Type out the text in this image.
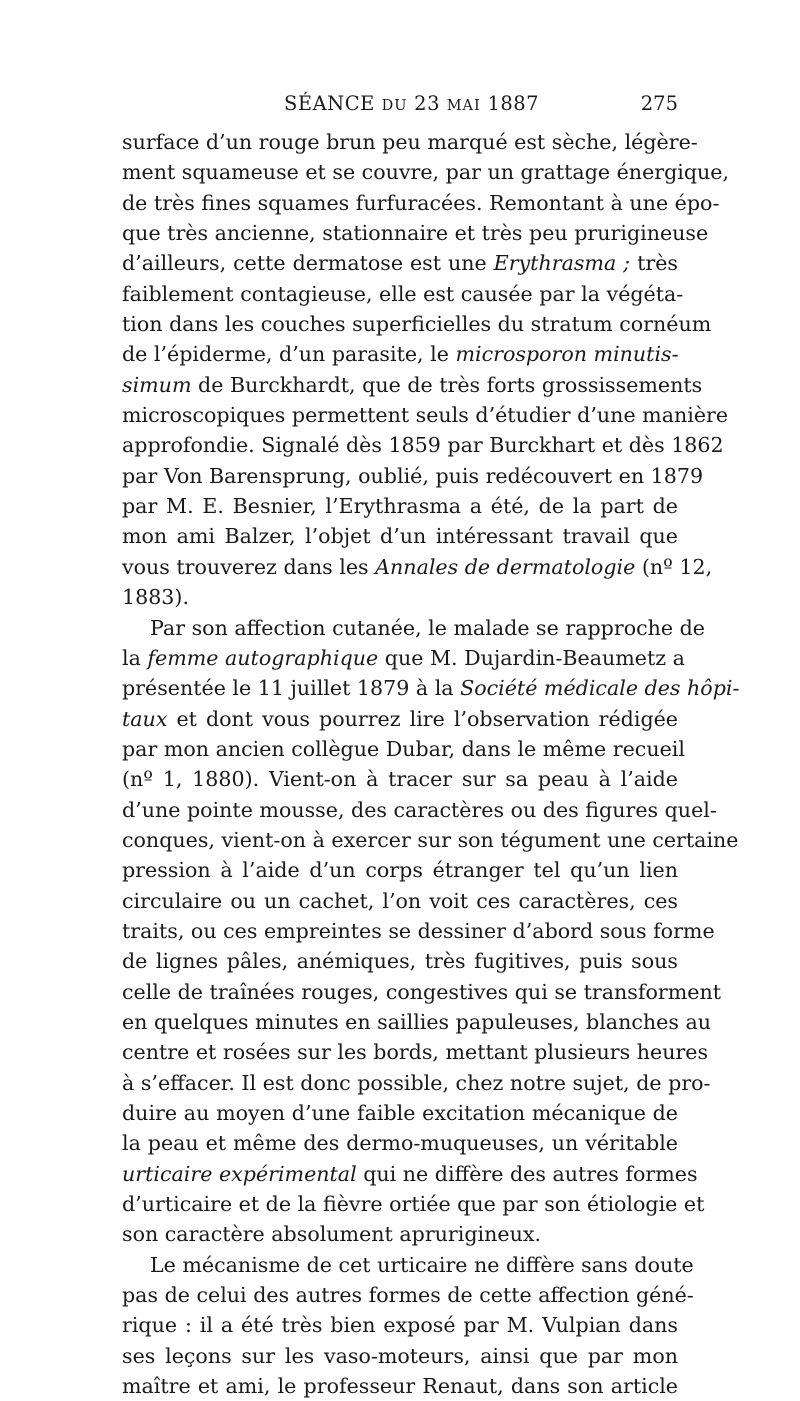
SÉANCE DU 23 MAI 1887	275
surface d’un rouge brun peu marqué est sèche, légère-
ment squameuse et se couvre, par un grattage énergique,
de très fines squames furfuracées. Remontant à une épo-
que très ancienne, stationnaire et très peu prurigineuse
d’ailleurs, cette dermatose est une Erythrasma ; très
faiblement contagieuse, elle est causée par la végéta-
tion dans les couches superficielles du stratum cornéum
de l’épiderme, d’un parasite, le microsporon minutis-
simum de Burckhardt, que de très forts grossissements
microscopiques permettent seuls d’étudier d’une manière
approfondie. Signalé dès 1859 par Burckhart et dès 1862
par Von Barensprung, oublié, puis redécouvert en 1879
par M. E. Besnier, l’Erythrasma a été, de la part de
mon ami Balzer, l’objet d’un intéressant travail que
vous trouverez dans les Annales de dermatologie (nº 12,
1883).
Par son affection cutanée, le malade se rapproche de
la femme autographique que M. Dujardin-Beaumetz a
présentée le 11 juillet 1879 à la Société médicale des hôpi-
taux et dont vous pourrez lire l’observation rédigée
par mon ancien collègue Dubar, dans le même recueil
(nº 1, 1880). Vient-on à tracer sur sa peau à l’aide
d’une pointe mousse, des caractères ou des figures quel-
conques, vient-on à exercer sur son tégument une certaine
pression à l’aide d’un corps étranger tel qu’un lien
circulaire ou un cachet, l’on voit ces caractères, ces
traits, ou ces empreintes se dessiner d’abord sous forme
de lignes pâles, anémiques, très fugitives, puis sous
celle de traînées rouges, congestives qui se transforment
en quelques minutes en saillies papuleuses, blanches au
centre et rosées sur les bords, mettant plusieurs heures
à s’effacer. Il est donc possible, chez notre sujet, de pro-
duire au moyen d’une faible excitation mécanique de
la peau et même des dermo-muqueuses, un véritable
urticaire expérimental qui ne diffère des autres formes
d’urticaire et de la fièvre ortiée que par son étiologie et
son caractère absolument aprurigineux.
Le mécanisme de cet urticaire ne diffère sans doute
pas de celui des autres formes de cette affection géné-
rique : il a été très bien exposé par M. Vulpian dans
ses leçons sur les vaso-moteurs, ainsi que par mon
maître et ami, le professeur Renaut, dans son article
